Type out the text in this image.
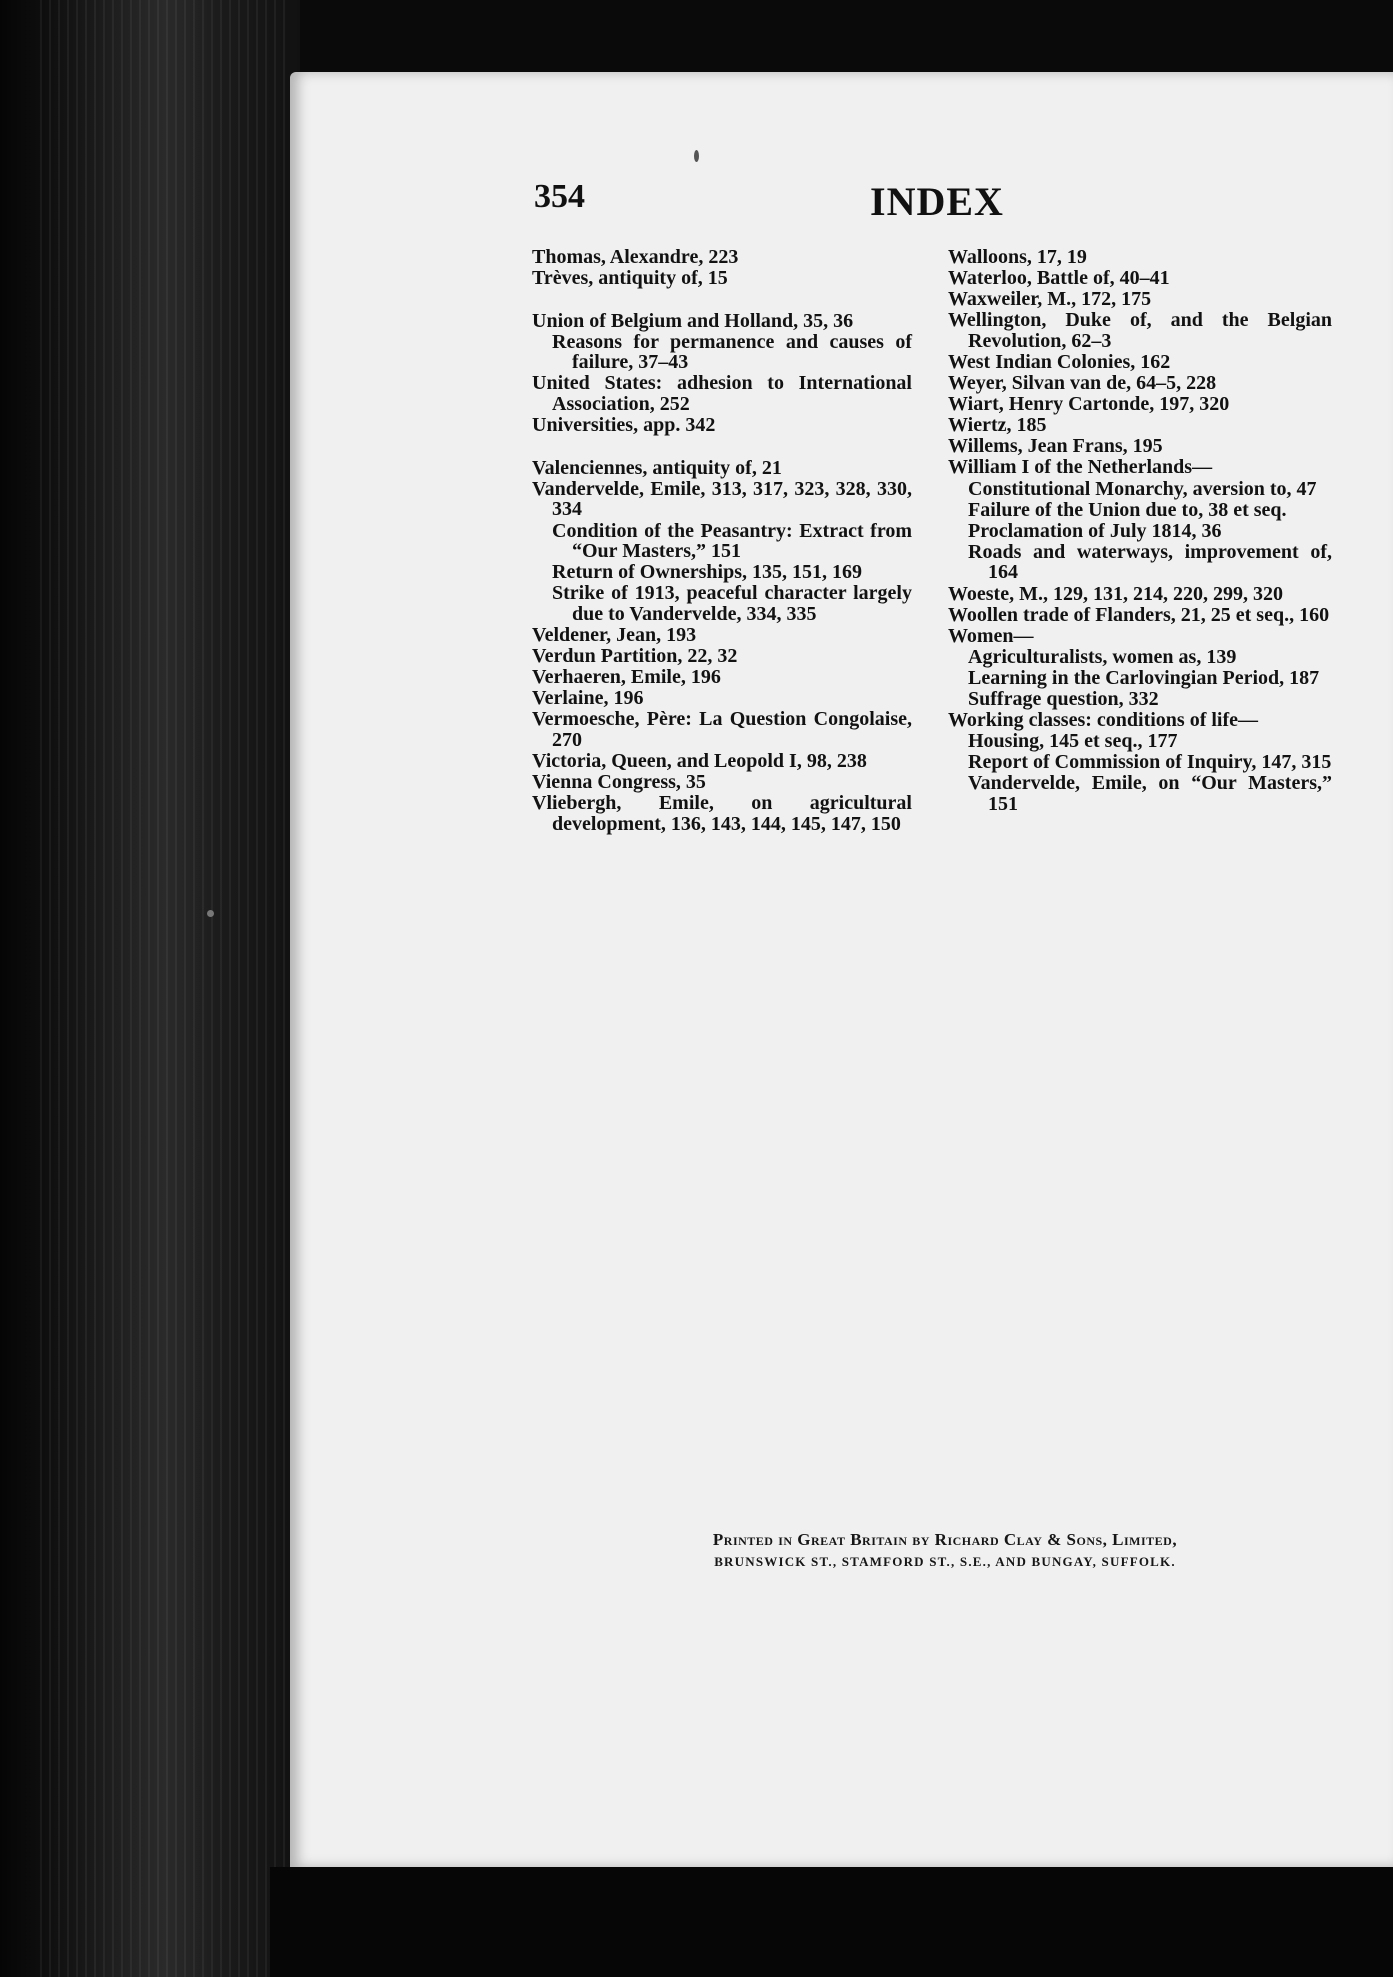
354	INDEX
Thomas, Alexandre, 223
Trèves, antiquity of, 15
Union of Belgium and Holland, 35, 36
Reasons for permanence and causes of failure, 37–43
United States: adhesion to International Association, 252
Universities, app. 342
Valenciennes, antiquity of, 21
Vandervelde, Emile, 313, 317, 323, 328, 330, 334
Condition of the Peasantry: Extract from “Our Masters,” 151
Return of Ownerships, 135, 151, 169
Strike of 1913, peaceful character largely due to Vandervelde, 334, 335
Veldener, Jean, 193
Verdun Partition, 22, 32
Verhaeren, Emile, 196
Verlaine, 196
Vermoesche, Père: La Question Congolaise, 270
Victoria, Queen, and Leopold I, 98, 238
Vienna Congress, 35
Vliebergh, Emile, on agricultural development, 136, 143, 144, 145, 147, 150
Walloons, 17, 19
Waterloo, Battle of, 40–41
Waxweiler, M., 172, 175
Wellington, Duke of, and the Belgian Revolution, 62–3
West Indian Colonies, 162
Weyer, Silvan van de, 64–5, 228
Wiart, Henry Cartonde, 197, 320
Wiertz, 185
Willems, Jean Frans, 195
William I of the Netherlands—
Constitutional Monarchy, aversion to, 47
Failure of the Union due to, 38 et seq.
Proclamation of July 1814, 36
Roads and waterways, improvement of, 164
Woeste, M., 129, 131, 214, 220, 299, 320
Woollen trade of Flanders, 21, 25 et seq., 160
Women—
Agriculturalists, women as, 139
Learning in the Carlovingian Period, 187
Suffrage question, 332
Working classes: conditions of life—
Housing, 145 et seq., 177
Report of Commission of Inquiry, 147, 315
Vandervelde, Emile, on “Our Masters,” 151
Printed in Great Britain by Richard Clay & Sons, Limited,
BRUNSWICK ST., STAMFORD ST., S.E., AND BUNGAY, SUFFOLK.
